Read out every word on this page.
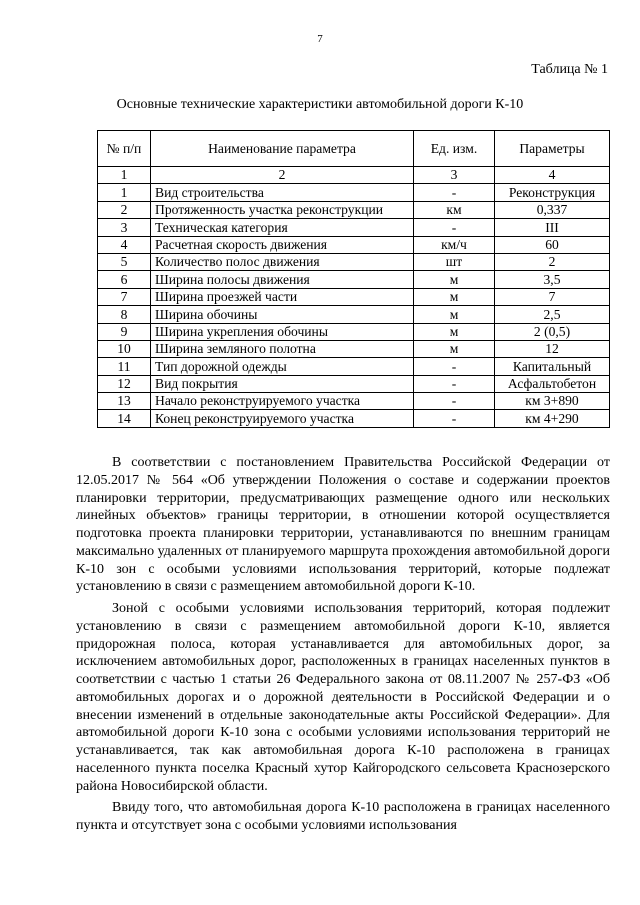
7
Таблица № 1
Основные технические характеристики автомобильной дороги К-10
№ п/п	Наименование параметра	Ед. изм.	Параметры
1	2	3	4
1	Вид строительства	-	Реконструкция
2	Протяженность участка реконструкции	км	0,337
3	Техническая категория	-	III
4	Расчетная скорость движения	км/ч	60
5	Количество полос движения	шт	2
6	Ширина полосы движения	м	3,5
7	Ширина проезжей части	м	7
8	Ширина обочины	м	2,5
9	Ширина укрепления обочины	м	2 (0,5)
10	Ширина земляного полотна	м	12
11	Тип дорожной одежды	-	Капитальный
12	Вид покрытия	-	Асфальтобетон
13	Начало реконструируемого участка	-	км 3+890
14	Конец реконструируемого участка	-	км 4+290

В соответствии с постановлением Правительства Российской Федерации от 12.05.2017 № 564 «Об утверждении Положения о составе и содержании проектов планировки территории, предусматривающих размещение одного или нескольких линейных объектов» границы территории, в отношении которой осуществляется подготовка проекта планировки территории, устанавливаются по внешним границам максимально удаленных от планируемого маршрута прохождения автомобильной дороги К-10 зон с особыми условиями использования территорий, которые подлежат установлению в связи с размещением автомобильной дороги К-10.

Зоной с особыми условиями использования территорий, которая подлежит установлению в связи с размещением автомобильной дороги К-10, является придорожная полоса, которая устанавливается для автомобильных дорог, за исключением автомобильных дорог, расположенных в границах населенных пунктов в соответствии с частью 1 статьи 26 Федерального закона от 08.11.2007 № 257-ФЗ «Об автомобильных дорогах и о дорожной деятельности в Российской Федерации и о внесении изменений в отдельные законодательные акты Российской Федерации». Для автомобильной дороги К-10 зона с особыми условиями использования территорий не устанавливается, так как автомобильная дорога К-10 расположена в границах населенного пункта поселка Красный хутор Кайгородского сельсовета Краснозерского района Новосибирской области.

Ввиду того, что автомобильная дорога К-10 расположена в границах населенного пункта и отсутствует зона с особыми условиями использования
